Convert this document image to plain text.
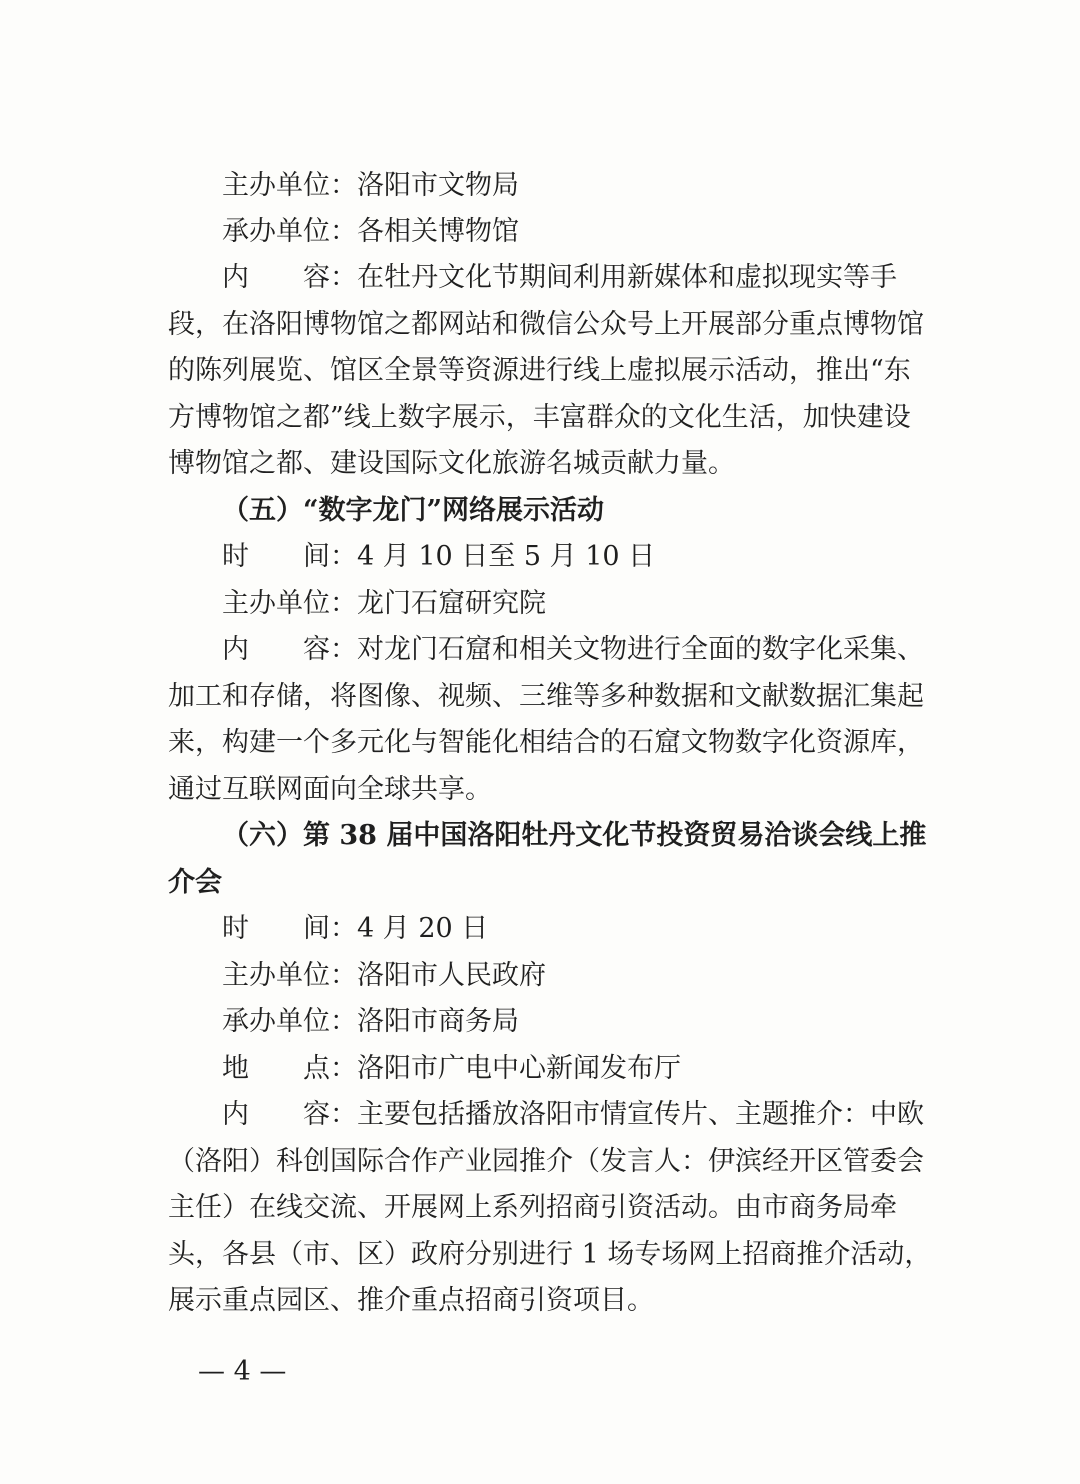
主办单位：洛阳市文物局
承办单位：各相关博物馆
内　　容：在牡丹文化节期间利用新媒体和虚拟现实等手
段，在洛阳博物馆之都网站和微信公众号上开展部分重点博物馆
的陈列展览、馆区全景等资源进行线上虚拟展示活动，推出“东
方博物馆之都”线上数字展示，丰富群众的文化生活，加快建设
博物馆之都、建设国际文化旅游名城贡献力量。
（五）“数字龙门”网络展示活动
时　　间：4 月 10 日至 5 月 10 日
主办单位：龙门石窟研究院
内　　容：对龙门石窟和相关文物进行全面的数字化采集、
加工和存储，将图像、视频、三维等多种数据和文献数据汇集起
来，构建一个多元化与智能化相结合的石窟文物数字化资源库，
通过互联网面向全球共享。
（六）第 38 届中国洛阳牡丹文化节投资贸易洽谈会线上推
介会
时　　间：4 月 20 日
主办单位：洛阳市人民政府
承办单位：洛阳市商务局
地　　点：洛阳市广电中心新闻发布厅
内　　容：主要包括播放洛阳市情宣传片、主题推介：中欧
（洛阳）科创国际合作产业园推介（发言人：伊滨经开区管委会
主任）在线交流、开展网上系列招商引资活动。由市商务局牵
头，各县（市、区）政府分别进行 1 场专场网上招商推介活动，
展示重点园区、推介重点招商引资项目。
— 4 —
